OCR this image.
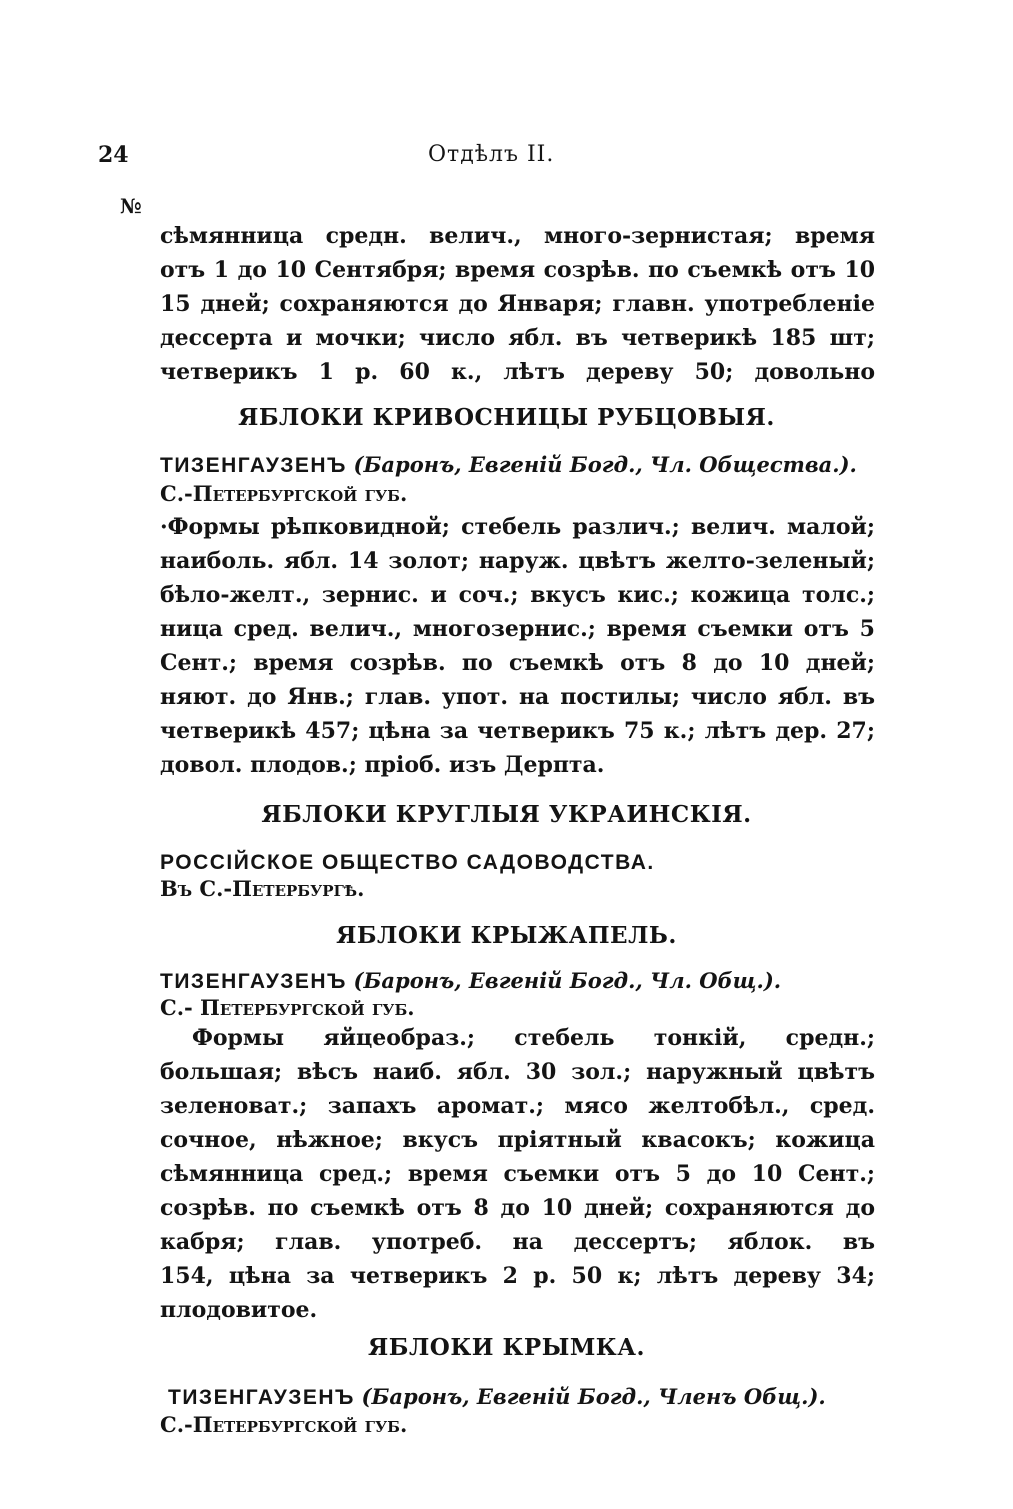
24	Отдѣлъ II.
№
сѣмянница средн. велич., много-зернистая; время
отъ 1 до 10 Сентября; время созрѣв. по съемкѣ отъ 10
15 дней; сохраняются до Января; главн. употребленіе
дессерта и мочки; число ябл. въ четверикѣ 185 шт;
четверикъ 1 р. 60 к., лѣтъ дереву 50; довольно
ЯБЛОКИ КРИВОСНИЦЫ РУБЦОВЫЯ.
ТИЗЕНГАУЗЕНЪ (Баронъ, Евгеній Богд., Чл. Общества.).
С.-Петербургской губ.
·Формы рѣпковидной; стебель различ.; велич. малой;
наиболь. ябл. 14 золот; наруж. цвѣтъ желто-зеленый;
бѣло-желт., зернис. и соч.; вкусъ кис.; кожица толс.;
ница сред. велич., многозернис.; время съемки отъ 5
Сент.; время созрѣв. по съемкѣ отъ 8 до 10 дней;
няют. до Янв.; глав. упот. на постилы; число ябл. въ
четверикѣ 457; цѣна за четверикъ 75 к.; лѣтъ дер. 27;
довол. плодов.; пріоб. изъ Дерпта.
ЯБЛОКИ КРУГЛЫЯ УКРАИНСКІЯ.
РОССІЙСКОЕ ОБЩЕСТВО САДОВОДСТВА.
Въ С.-Петербургѣ.
ЯБЛОКИ КРЫЖАПЕЛЬ.
ТИЗЕНГАУЗЕНЪ (Баронъ, Евгеній Богд., Чл. Общ.).
С.- Петербургской губ.
Формы яйцеобраз.; стебель тонкій, средн.;
большая; вѣсъ наиб. ябл. 30 зол.; наружный цвѣтъ
зеленоват.; запахъ аромат.; мясо желтобѣл., сред.
сочное, нѣжное; вкусъ пріятный квасокъ; кожица
сѣмянница сред.; время съемки отъ 5 до 10 Сент.;
созрѣв. по съемкѣ отъ 8 до 10 дней; сохраняются до
кабря; глав. употреб. на дессертъ; яблок. въ
154, цѣна за четверикъ 2 р. 50 к; лѣтъ дереву 34;
плодовитое.
ЯБЛОКИ КРЫМКА.
ТИЗЕНГАУЗЕНЪ (Баронъ, Евгеній Богд., Членъ Общ.).
С.-Петербургской губ.
